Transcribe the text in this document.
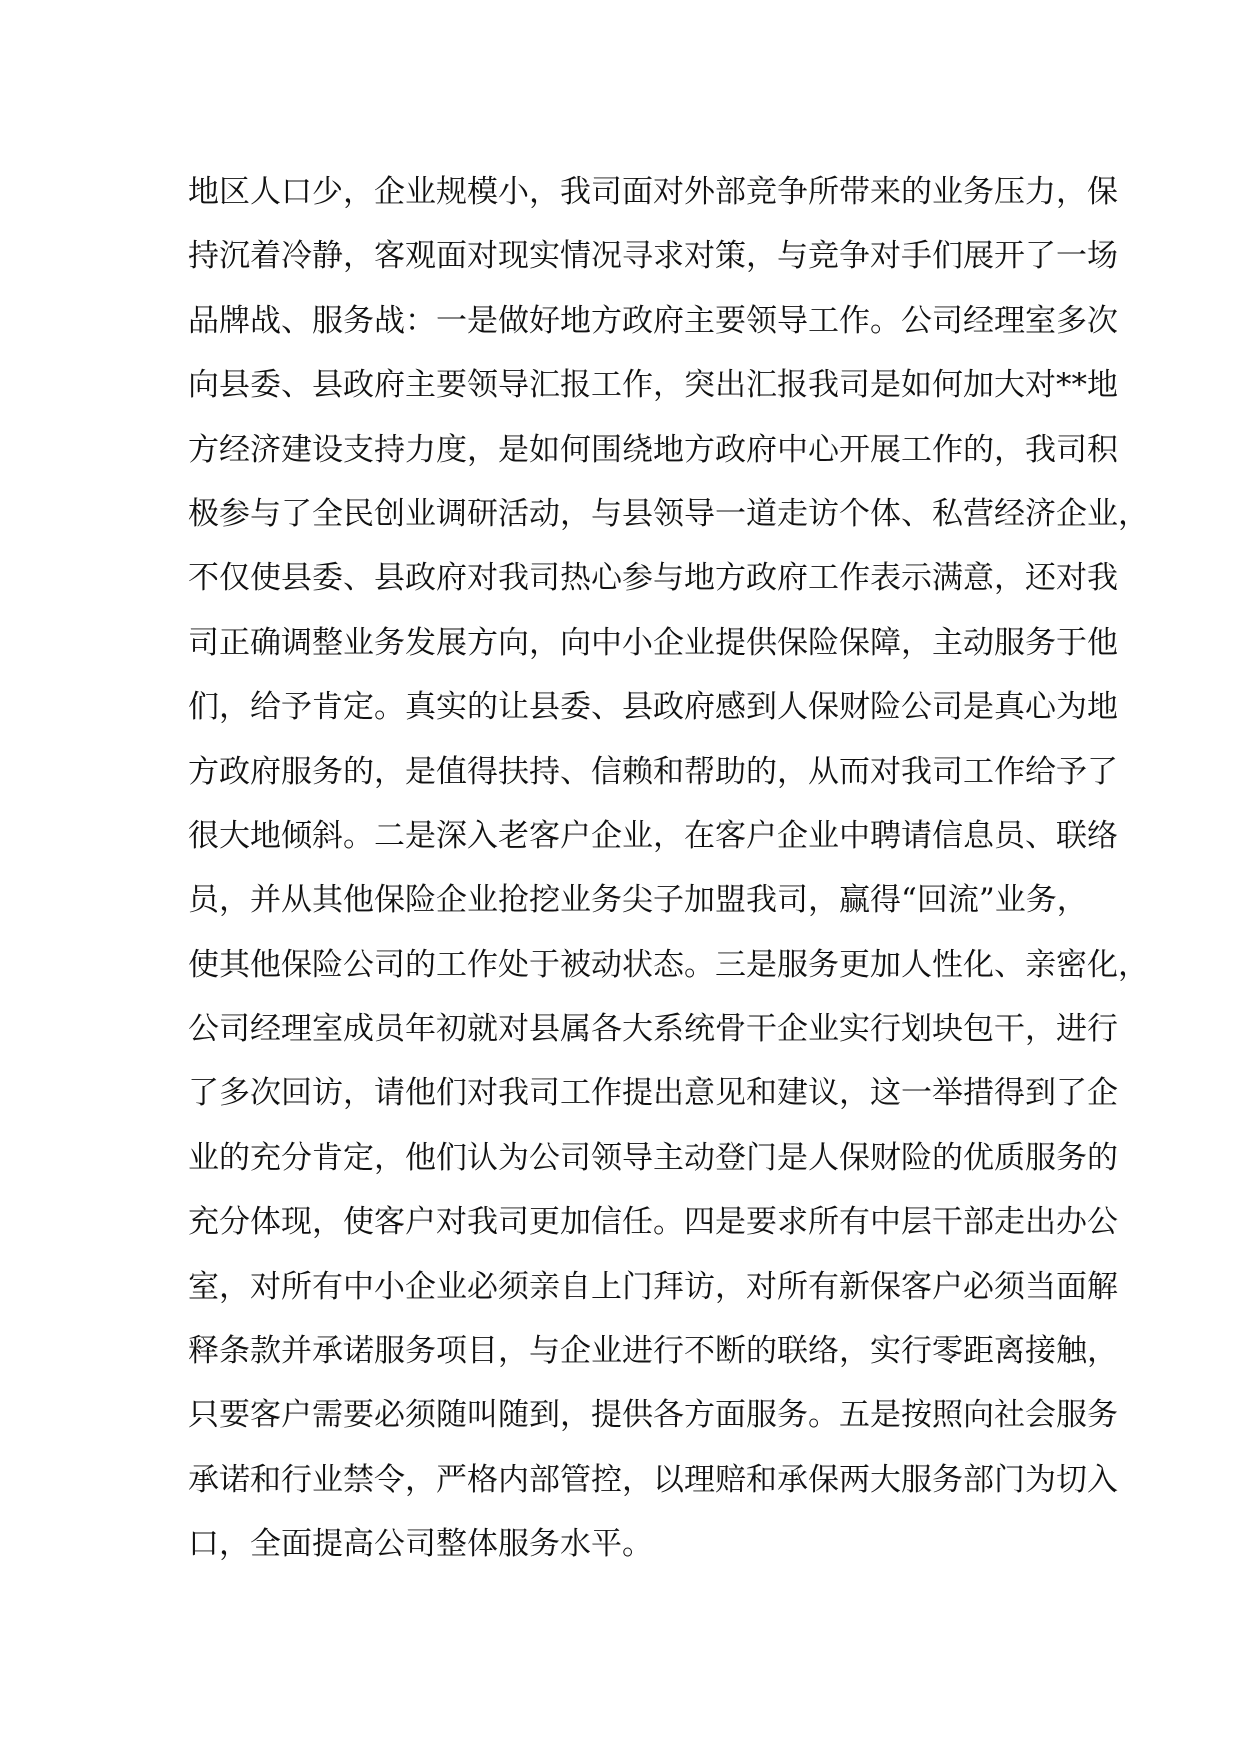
地区人口少，企业规模小，我司面对外部竞争所带来的业务压力，保
持沉着冷静，客观面对现实情况寻求对策，与竞争对手们展开了一场
品牌战、服务战：一是做好地方政府主要领导工作。公司经理室多次
向县委、县政府主要领导汇报工作，突出汇报我司是如何加大对**地
方经济建设支持力度，是如何围绕地方政府中心开展工作的，我司积
极参与了全民创业调研活动，与县领导一道走访个体、私营经济企业，
不仅使县委、县政府对我司热心参与地方政府工作表示满意，还对我
司正确调整业务发展方向，向中小企业提供保险保障，主动服务于他
们，给予肯定。真实的让县委、县政府感到人保财险公司是真心为地
方政府服务的，是值得扶持、信赖和帮助的，从而对我司工作给予了
很大地倾斜。二是深入老客户企业，在客户企业中聘请信息员、联络
员，并从其他保险企业抢挖业务尖子加盟我司，赢得“回流”业务，
使其他保险公司的工作处于被动状态。三是服务更加人性化、亲密化，
公司经理室成员年初就对县属各大系统骨干企业实行划块包干，进行
了多次回访，请他们对我司工作提出意见和建议，这一举措得到了企
业的充分肯定，他们认为公司领导主动登门是人保财险的优质服务的
充分体现，使客户对我司更加信任。四是要求所有中层干部走出办公
室，对所有中小企业必须亲自上门拜访，对所有新保客户必须当面解
释条款并承诺服务项目，与企业进行不断的联络，实行零距离接触，
只要客户需要必须随叫随到，提供各方面服务。五是按照向社会服务
承诺和行业禁令，严格内部管控，以理赔和承保两大服务部门为切入
口，全面提高公司整体服务水平。
